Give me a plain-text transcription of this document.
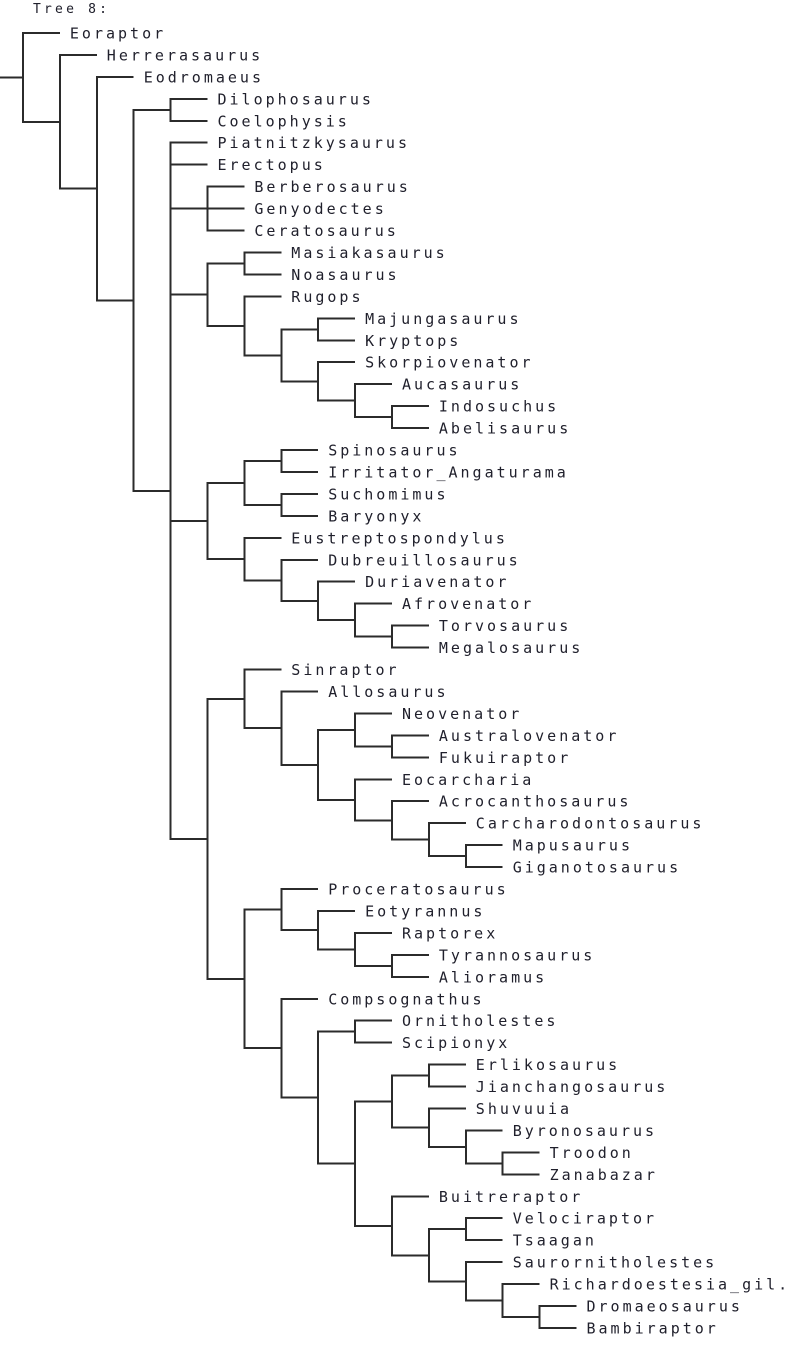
Tree 8:
Eoraptor
Herrerasaurus
Eodromaeus
Dilophosaurus
Coelophysis
Piatnitzkysaurus
Erectopus
Berberosaurus
Genyodectes
Ceratosaurus
Masiakasaurus
Noasaurus
Rugops
Majungasaurus
Kryptops
Skorpiovenator
Aucasaurus
Indosuchus
Abelisaurus
Spinosaurus
Irritator_Angaturama
Suchomimus
Baryonyx
Eustreptospondylus
Dubreuillosaurus
Duriavenator
Afrovenator
Torvosaurus
Megalosaurus
Sinraptor
Allosaurus
Neovenator
Australovenator
Fukuiraptor
Eocarcharia
Acrocanthosaurus
Carcharodontosaurus
Mapusaurus
Giganotosaurus
Proceratosaurus
Eotyrannus
Raptorex
Tyrannosaurus
Alioramus
Compsognathus
Ornitholestes
Scipionyx
Erlikosaurus
Jianchangosaurus
Shuvuuia
Byronosaurus
Troodon
Zanabazar
Buitreraptor
Velociraptor
Tsaagan
Saurornitholestes
Richardoestesia_gil.
Dromaeosaurus
Bambiraptor
